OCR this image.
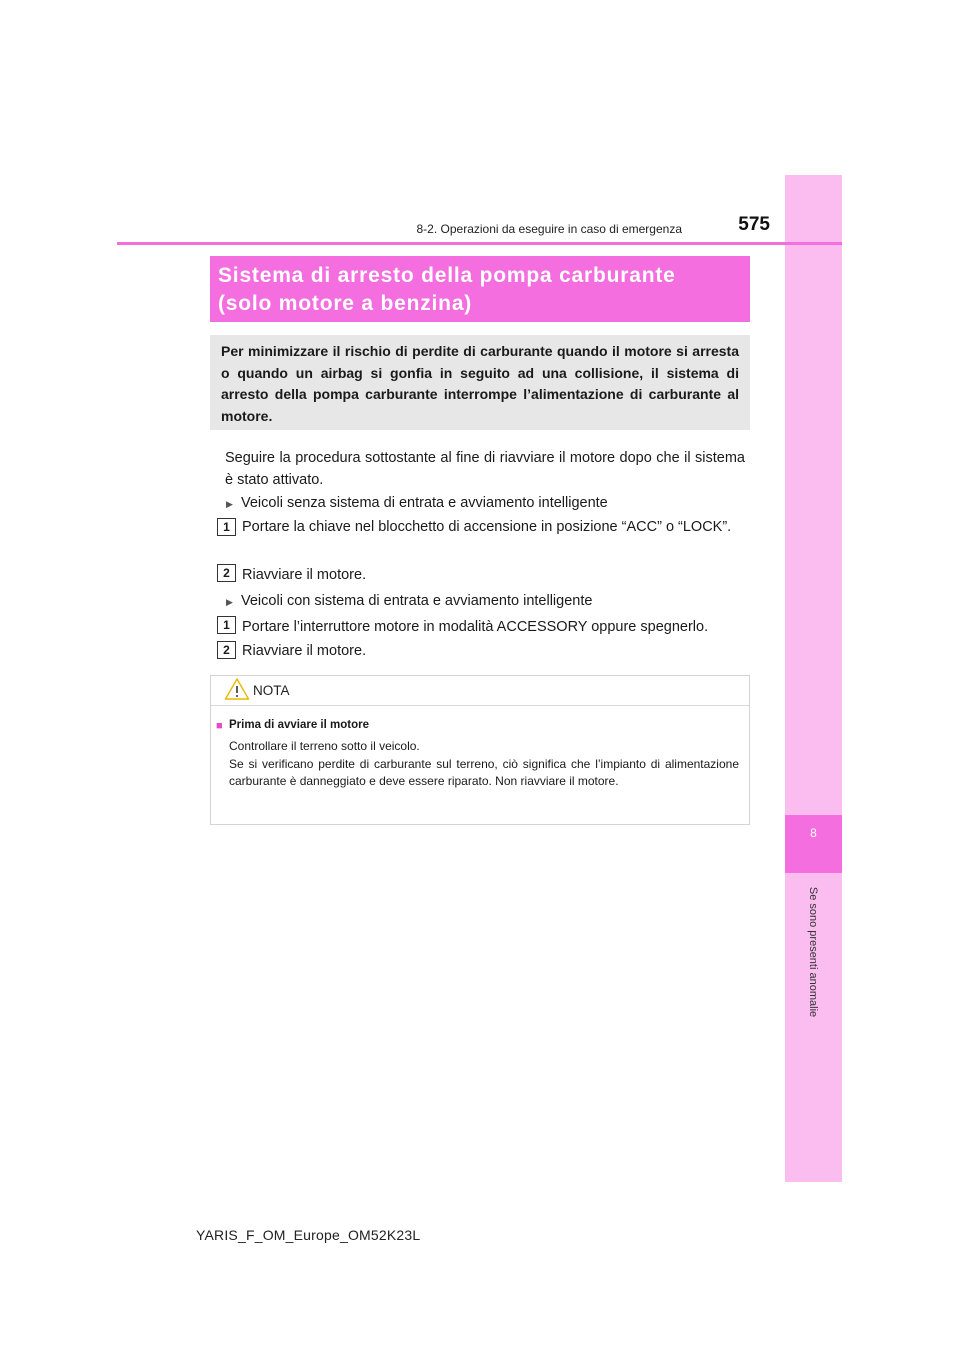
8
Se sono presenti anomalie
8-2. Operazioni da eseguire in caso di emergenza	575
Sistema di arresto della pompa carburante
(solo motore a benzina)
Per minimizzare il rischio di perdite di carburante quando il motore si arresta o quando un airbag si gonfia in seguito ad una collisione, il sistema di arresto della pompa carburante interrompe l’alimentazione di carburante al motore.
Seguire la procedura sottostante al fine di riavviare il motore dopo che il sistema è stato attivato.
▶ Veicoli senza sistema di entrata e avviamento intelligente
1 Portare la chiave nel blocchetto di accensione in posizione “ACC” o “LOCK”.
2 Riavviare il motore.
▶ Veicoli con sistema di entrata e avviamento intelligente
1 Portare l’interruttore motore in modalità ACCESSORY oppure spegnerlo.
2 Riavviare il motore.
NOTA
■ Prima di avviare il motore
Controllare il terreno sotto il veicolo.
Se si verificano perdite di carburante sul terreno, ciò significa che l’impianto di alimentazione carburante è danneggiato e deve essere riparato. Non riavviare il motore.
YARIS_F_OM_Europe_OM52K23L
